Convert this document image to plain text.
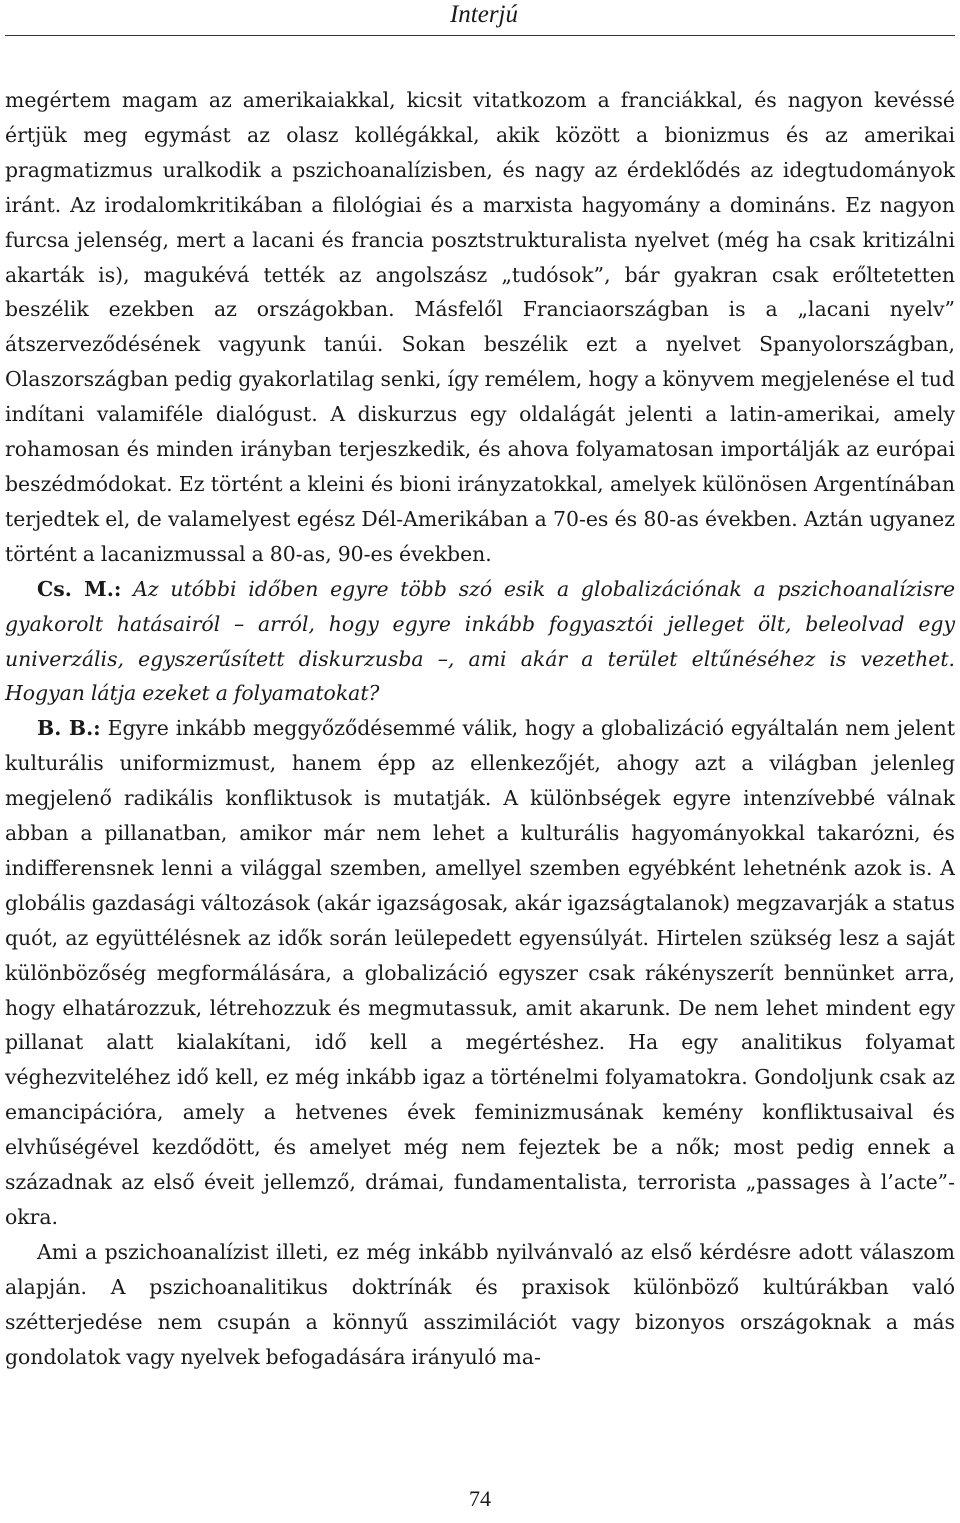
Interjú

megértem magam az amerikaiakkal, kicsit vitatkozom a franciákkal, és nagyon kevéssé értjük meg egymást az olasz kollégákkal, akik között a bionizmus és az amerikai pragmatizmus uralkodik a pszichoanalízisben, és nagy az érdeklődés az idegtudományok iránt. Az irodalomkritikában a filológiai és a marxista hagyomány a domináns. Ez nagyon furcsa jelenség, mert a lacani és francia posztstrukturalista nyelvet (még ha csak kritizálni akarták is), magukévá tették az angolszász „tudósok”, bár gyakran csak erőltetetten beszélik ezekben az országokban. Másfelől Franciaországban is a „lacani nyelv” átszerveződésének vagyunk tanúi. Sokan beszélik ezt a nyelvet Spanyolországban, Olaszországban pedig gyakorlatilag senki, így remélem, hogy a könyvem megjelenése el tud indítani valamiféle dialógust. A diskurzus egy oldalágát jelenti a latin-amerikai, amely rohamosan és minden irányban terjeszkedik, és ahova folyamatosan importálják az európai beszédmódokat. Ez történt a kleini és bioni irányzatokkal, amelyek különösen Argentínában terjedtek el, de valamelyest egész Dél-Amerikában a 70-es és 80-as években. Aztán ugyanez történt a lacanizmussal a 80-as, 90-es években.

Cs. M.: Az utóbbi időben egyre több szó esik a globalizációnak a pszichoanalízisre gyakorolt hatásairól – arról, hogy egyre inkább fogyasztói jelleget ölt, beleolvad egy univerzális, egyszerűsített diskurzusba –, ami akár a terület eltűnéséhez is vezethet. Hogyan látja ezeket a folyamatokat?

B. B.: Egyre inkább meggyőződésemmé válik, hogy a globalizáció egyáltalán nem jelent kulturális uniformizmust, hanem épp az ellenkezőjét, ahogy azt a világban jelenleg megjelenő radikális konfliktusok is mutatják. A különbségek egyre intenzívebbé válnak abban a pillanatban, amikor már nem lehet a kulturális hagyományokkal takarózni, és indifferensnek lenni a világgal szemben, amellyel szemben egyébként lehetnénk azok is. A globális gazdasági változások (akár igazságosak, akár igazságtalanok) megzavarják a status quót, az együttélésnek az idők során leülepedett egyensúlyát. Hirtelen szükség lesz a saját különbözőség megformálására, a globalizáció egyszer csak rákényszerít bennünket arra, hogy elhatározzuk, létrehozzuk és megmutassuk, amit akarunk. De nem lehet mindent egy pillanat alatt kialakítani, idő kell a megértéshez. Ha egy analitikus folyamat véghezviteléhez idő kell, ez még inkább igaz a történelmi folyamatokra. Gondoljunk csak az emancipációra, amely a hetvenes évek feminizmusának kemény konfliktusaival és elvhűségével kezdődött, és amelyet még nem fejeztek be a nők; most pedig ennek a századnak az első éveit jellemző, drámai, fundamentalista, terrorista „passages à l’acte”-okra.

Ami a pszichoanalízist illeti, ez még inkább nyilvánvaló az első kérdésre adott válaszom alapján. A pszichoanalitikus doktrínák és praxisok különböző kultúrákban való szétterjedése nem csupán a könnyű asszimilációt vagy bizonyos országoknak a más gondolatok vagy nyelvek befogadására irányuló ma-

74
